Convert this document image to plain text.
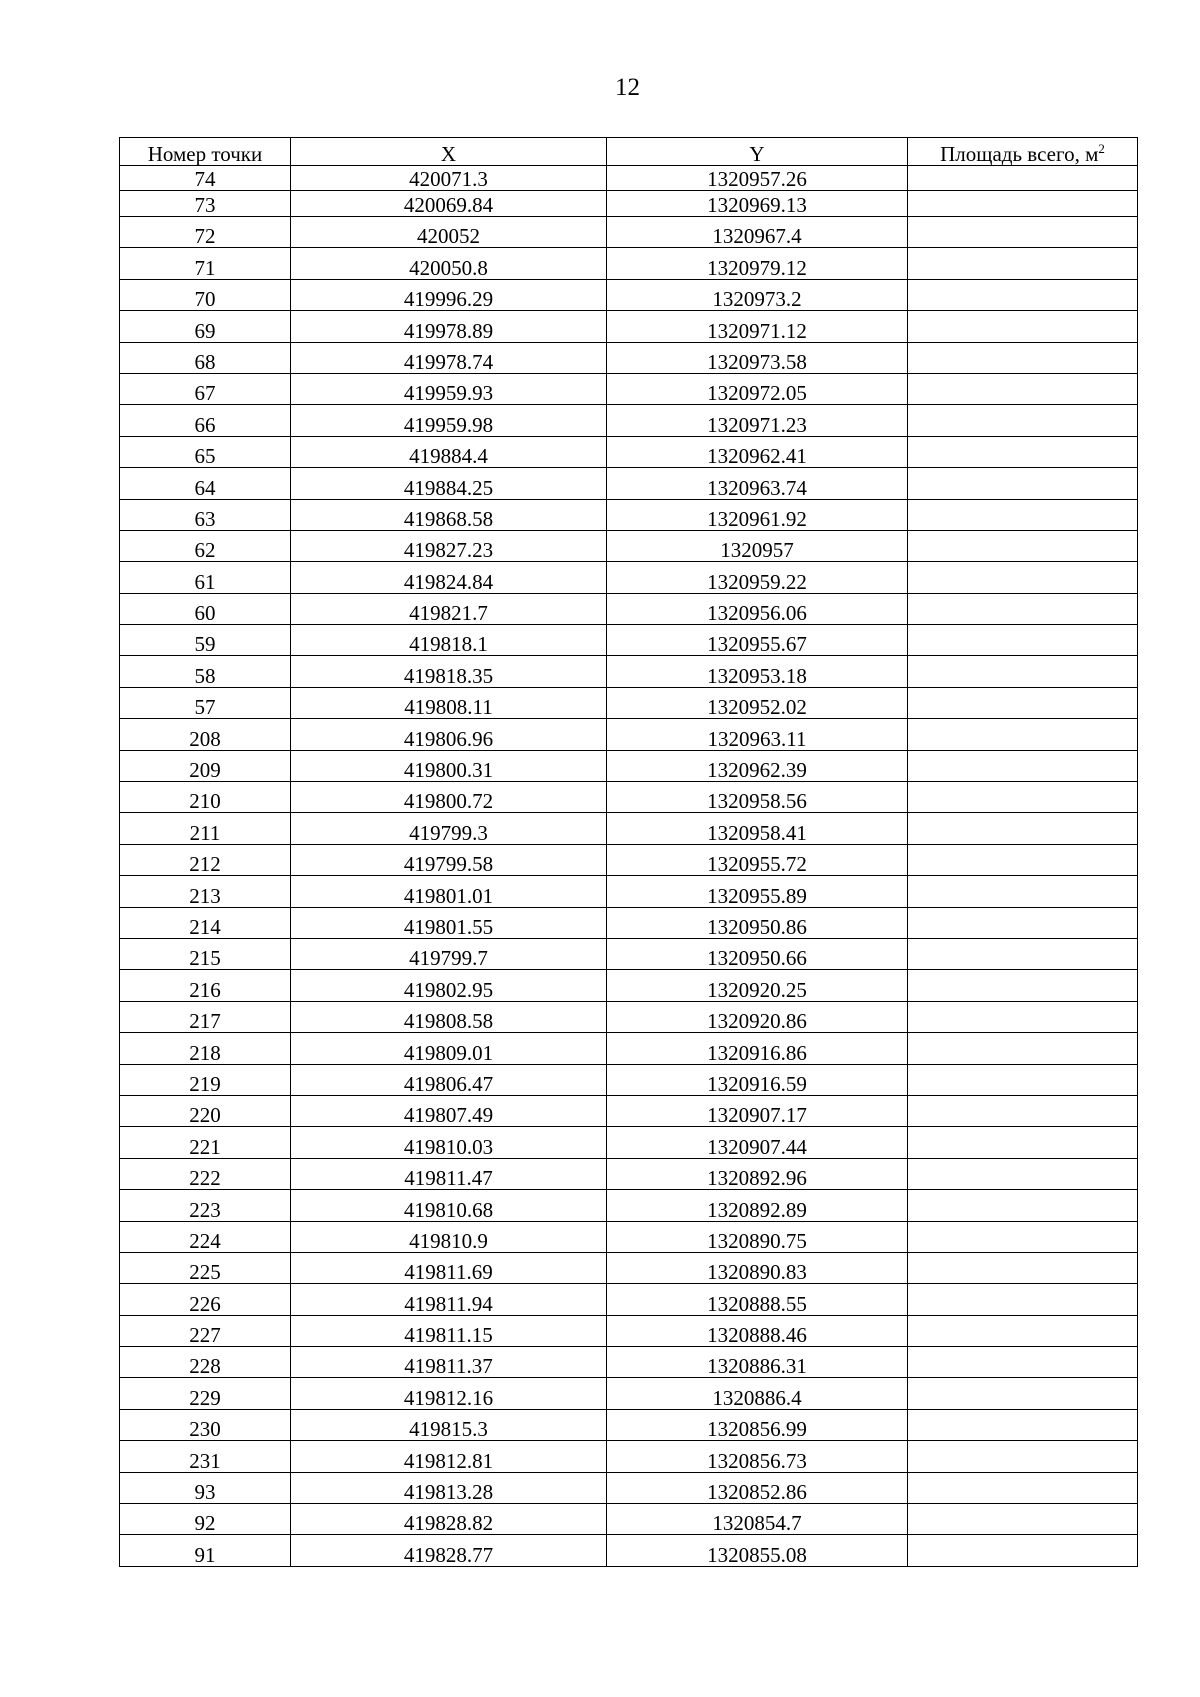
12
Номер точки	X	Y	Площадь всего, $м^2$
74	420071.3	1320957.26	
73	420069.84	1320969.13	
72	420052	1320967.4	
71	420050.8	1320979.12	
70	419996.29	1320973.2	
69	419978.89	1320971.12	
68	419978.74	1320973.58	
67	419959.93	1320972.05	
66	419959.98	1320971.23	
65	419884.4	1320962.41	
64	419884.25	1320963.74	
63	419868.58	1320961.92	
62	419827.23	1320957	
61	419824.84	1320959.22	
60	419821.7	1320956.06	
59	419818.1	1320955.67	
58	419818.35	1320953.18	
57	419808.11	1320952.02	
208	419806.96	1320963.11	
209	419800.31	1320962.39	
210	419800.72	1320958.56	
211	419799.3	1320958.41	
212	419799.58	1320955.72	
213	419801.01	1320955.89	
214	419801.55	1320950.86	
215	419799.7	1320950.66	
216	419802.95	1320920.25	
217	419808.58	1320920.86	
218	419809.01	1320916.86	
219	419806.47	1320916.59	
220	419807.49	1320907.17	
221	419810.03	1320907.44	
222	419811.47	1320892.96	
223	419810.68	1320892.89	
224	419810.9	1320890.75	
225	419811.69	1320890.83	
226	419811.94	1320888.55	
227	419811.15	1320888.46	
228	419811.37	1320886.31	
229	419812.16	1320886.4	
230	419815.3	1320856.99	
231	419812.81	1320856.73	
93	419813.28	1320852.86	
92	419828.82	1320854.7	
91	419828.77	1320855.08	
